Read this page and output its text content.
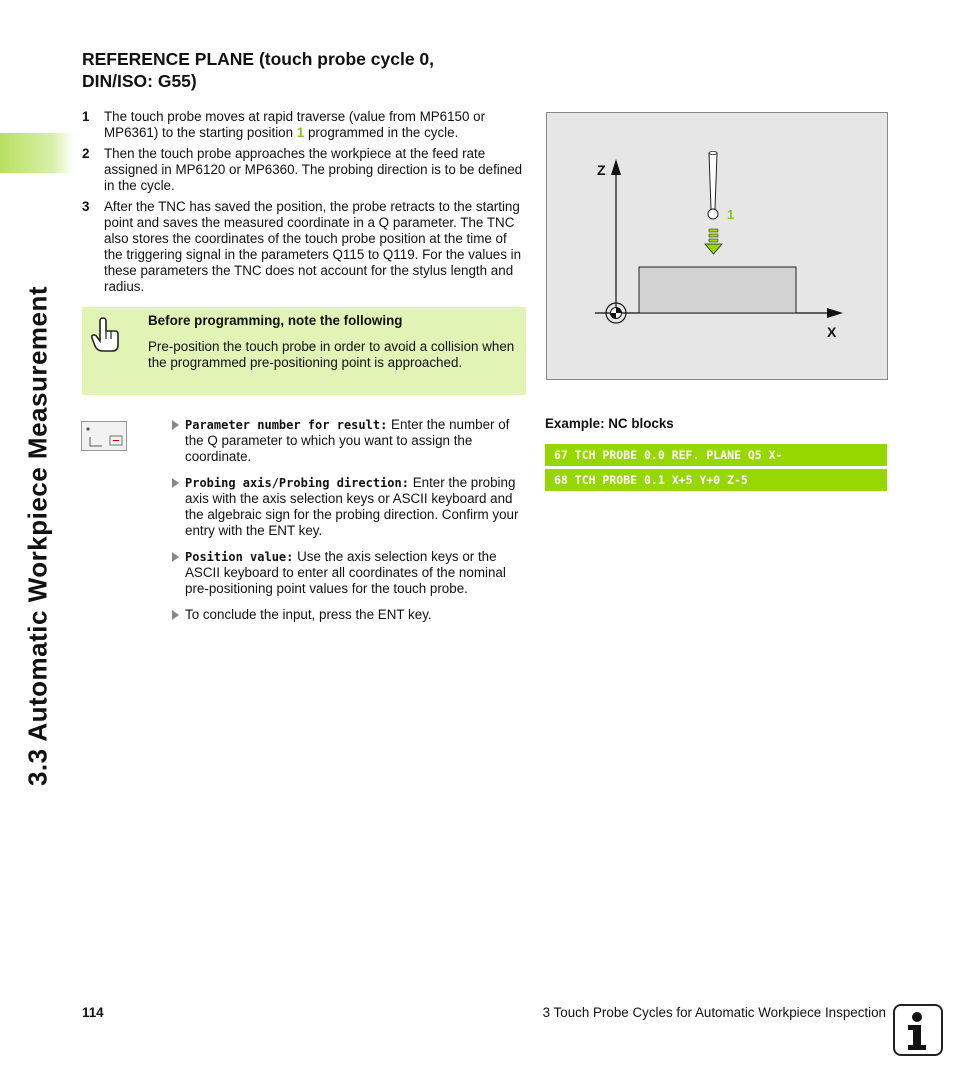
3.3 Automatic Workpiece Measurement
REFERENCE PLANE (touch probe cycle 0,
DIN/ISO: G55)
1	The touch probe moves at rapid traverse (value from MP6150 or MP6361) to the starting position 1 programmed in the cycle.
2	Then the touch probe approaches the workpiece at the feed rate assigned in MP6120 or MP6360. The probing direction is to be defined in the cycle.
3	After the TNC has saved the position, the probe retracts to the starting point and saves the measured coordinate in a Q parameter. The TNC also stores the coordinates of the touch probe position at the time of the triggering signal in the parameters Q115 to Q119. For the values in these parameters the TNC does not account for the stylus length and radius.
Before programming, note the following
Pre-position the touch probe in order to avoid a collision when the programmed pre-positioning point is approached.
Parameter number for result: Enter the number of the Q parameter to which you want to assign the coordinate.
Probing axis/Probing direction: Enter the probing axis with the axis selection keys or ASCII keyboard and the algebraic sign for the probing direction. Confirm your entry with the ENT key.
Position value: Use the axis selection keys or the ASCII keyboard to enter all coordinates of the nominal pre-positioning point values for the touch probe.
To conclude the input, press the ENT key.
Z
X
1
Example: NC blocks
67 TCH PROBE 0.0 REF. PLANE Q5 X-
68 TCH PROBE 0.1 X+5 Y+0 Z-5
114	3 Touch Probe Cycles for Automatic Workpiece Inspection
